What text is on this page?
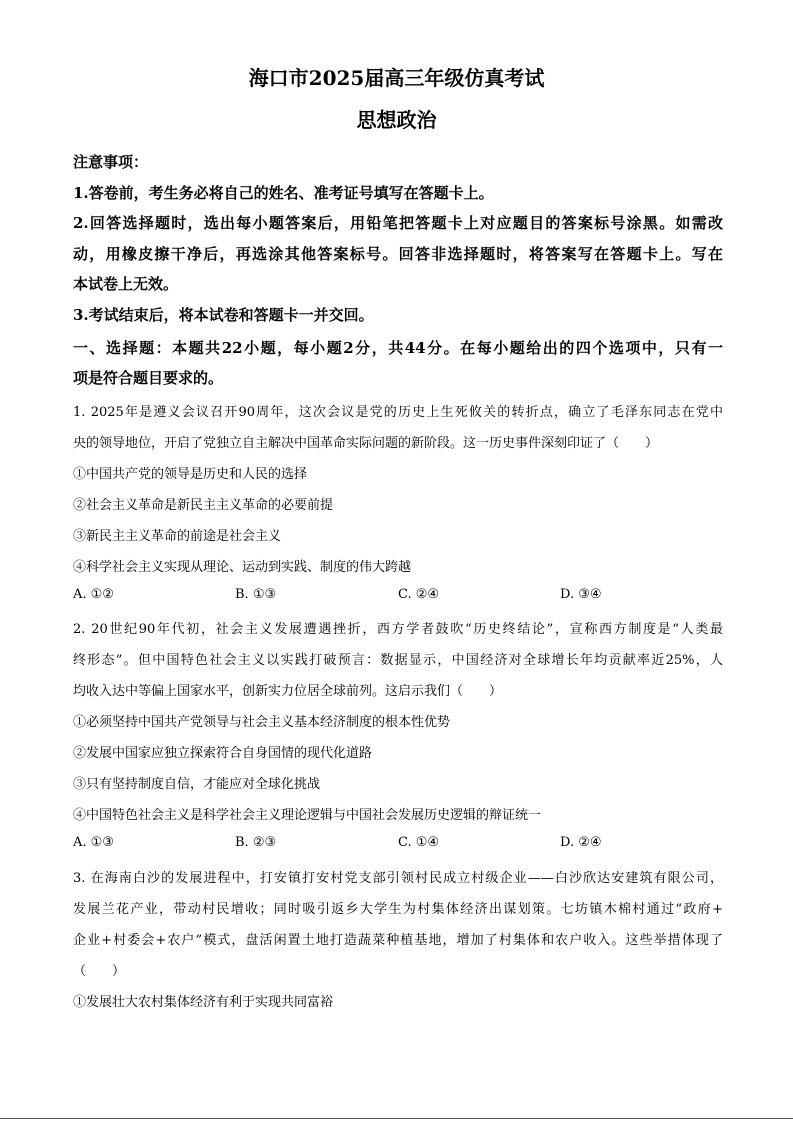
海口市2025届高三年级仿真考试
思想政治
注意事项：
1.答卷前，考生务必将自己的姓名、准考证号填写在答题卡上。
2.回答选择题时，选出每小题答案后，用铅笔把答题卡上对应题目的答案标号涂黑。如需改
动，用橡皮擦干净后，再选涂其他答案标号。回答非选择题时，将答案写在答题卡上。写在
本试卷上无效。
3.考试结束后，将本试卷和答题卡一并交回。
一、选择题：本题共22小题，每小题2分，共44分。在每小题给出的四个选项中，只有一
项是符合题目要求的。
1. 2025年是遵义会议召开90周年，这次会议是党的历史上生死攸关的转折点，确立了毛泽东同志在党中
央的领导地位，开启了党独立自主解决中国革命实际问题的新阶段。这一历史事件深刻印证了（　　）
①中国共产党的领导是历史和人民的选择
②社会主义革命是新民主主义革命的必要前提
③新民主主义革命的前途是社会主义
④科学社会主义实现从理论、运动到实践、制度的伟大跨越
A. ①②	B. ①③	C. ②④	D. ③④
2. 20世纪90年代初，社会主义发展遭遇挫折，西方学者鼓吹“历史终结论”，宣称西方制度是“人类最
终形态”。但中国特色社会主义以实践打破预言：数据显示，中国经济对全球增长年均贡献率近25%，人
均收入达中等偏上国家水平，创新实力位居全球前列。这启示我们（　　）
①必须坚持中国共产党领导与社会主义基本经济制度的根本性优势
②发展中国家应独立探索符合自身国情的现代化道路
③只有坚持制度自信，才能应对全球化挑战
④中国特色社会主义是科学社会主义理论逻辑与中国社会发展历史逻辑的辩证统一
A. ①③	B. ②③	C. ①④	D. ②④
3. 在海南白沙的发展进程中，打安镇打安村党支部引领村民成立村级企业——白沙欣达安建筑有限公司，
发展兰花产业，带动村民增收；同时吸引返乡大学生为村集体经济出谋划策。七坊镇木棉村通过“政府+
企业+村委会+农户”模式，盘活闲置土地打造蔬菜种植基地，增加了村集体和农户收入。这些举措体现了
（　　）
①发展壮大农村集体经济有利于实现共同富裕
